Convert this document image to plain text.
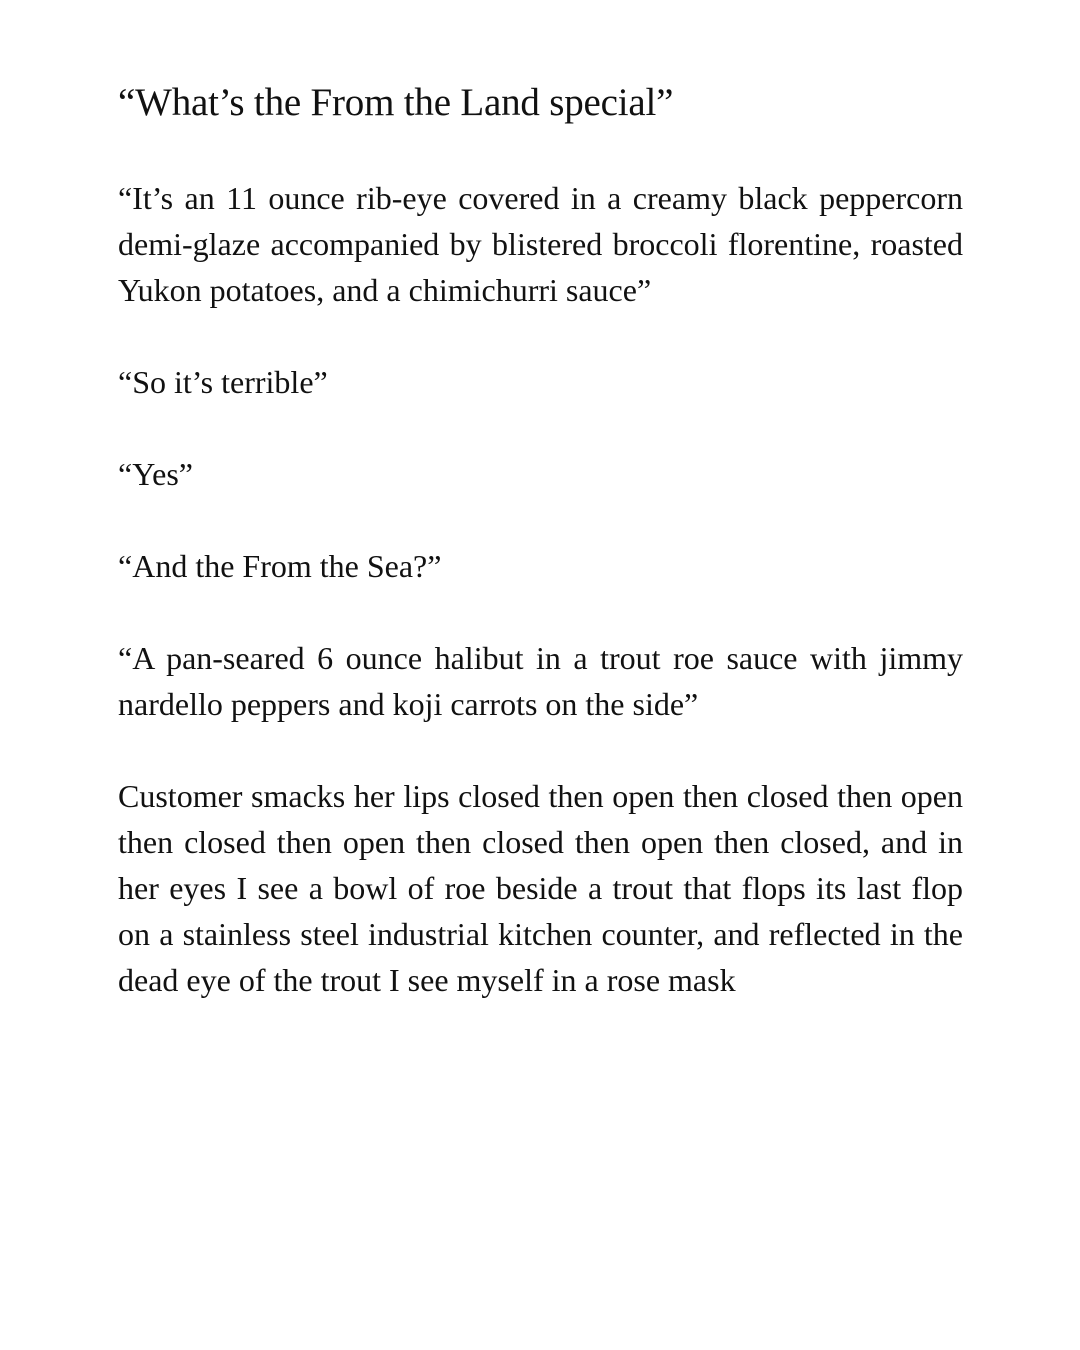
“What’s the From the Land special”

“It’s an 11 ounce rib-eye covered in a creamy black peppercorn demi-glaze accompanied by blistered broccoli florentine, roasted Yukon potatoes, and a chimichurri sauce”

“So it’s terrible”

“Yes”

“And the From the Sea?”

“A pan-seared 6 ounce halibut in a trout roe sauce with jimmy nardello peppers and koji carrots on the side”

Customer smacks her lips closed then open then closed then open then closed then open then closed then open then closed, and in her eyes I see a bowl of roe beside a trout that flops its last flop on a stainless steel industrial kitchen counter, and reflected in the dead eye of the trout I see myself in a rose mask
